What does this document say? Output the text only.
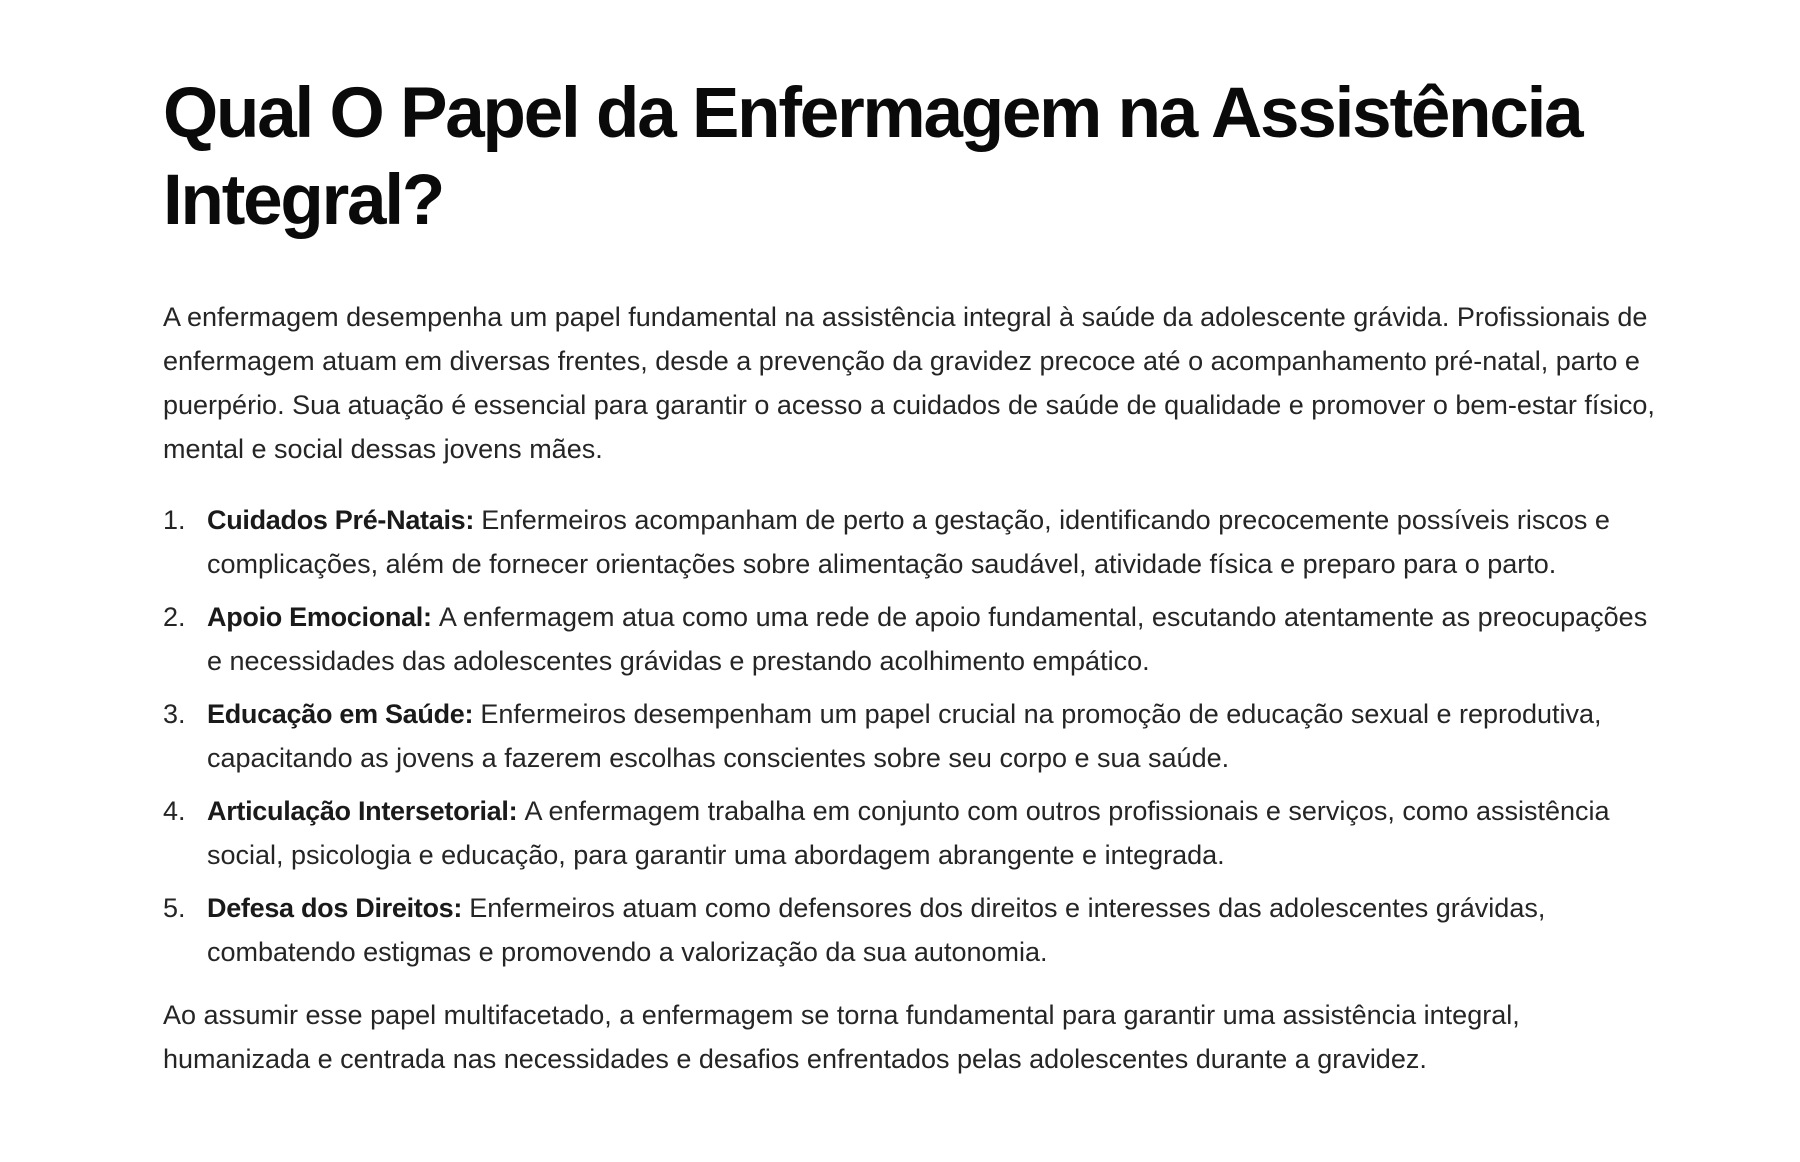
Qual O Papel da Enfermagem na Assistência Integral?

A enfermagem desempenha um papel fundamental na assistência integral à saúde da adolescente grávida. Profissionais de enfermagem atuam em diversas frentes, desde a prevenção da gravidez precoce até o acompanhamento pré-natal, parto e puerpério. Sua atuação é essencial para garantir o acesso a cuidados de saúde de qualidade e promover o bem-estar físico, mental e social dessas jovens mães.

1. Cuidados Pré-Natais: Enfermeiros acompanham de perto a gestação, identificando precocemente possíveis riscos e complicações, além de fornecer orientações sobre alimentação saudável, atividade física e preparo para o parto.
2. Apoio Emocional: A enfermagem atua como uma rede de apoio fundamental, escutando atentamente as preocupações e necessidades das adolescentes grávidas e prestando acolhimento empático.
3. Educação em Saúde: Enfermeiros desempenham um papel crucial na promoção de educação sexual e reprodutiva, capacitando as jovens a fazerem escolhas conscientes sobre seu corpo e sua saúde.
4. Articulação Intersetorial: A enfermagem trabalha em conjunto com outros profissionais e serviços, como assistência social, psicologia e educação, para garantir uma abordagem abrangente e integrada.
5. Defesa dos Direitos: Enfermeiros atuam como defensores dos direitos e interesses das adolescentes grávidas, combatendo estigmas e promovendo a valorização da sua autonomia.

Ao assumir esse papel multifacetado, a enfermagem se torna fundamental para garantir uma assistência integral, humanizada e centrada nas necessidades e desafios enfrentados pelas adolescentes durante a gravidez.
